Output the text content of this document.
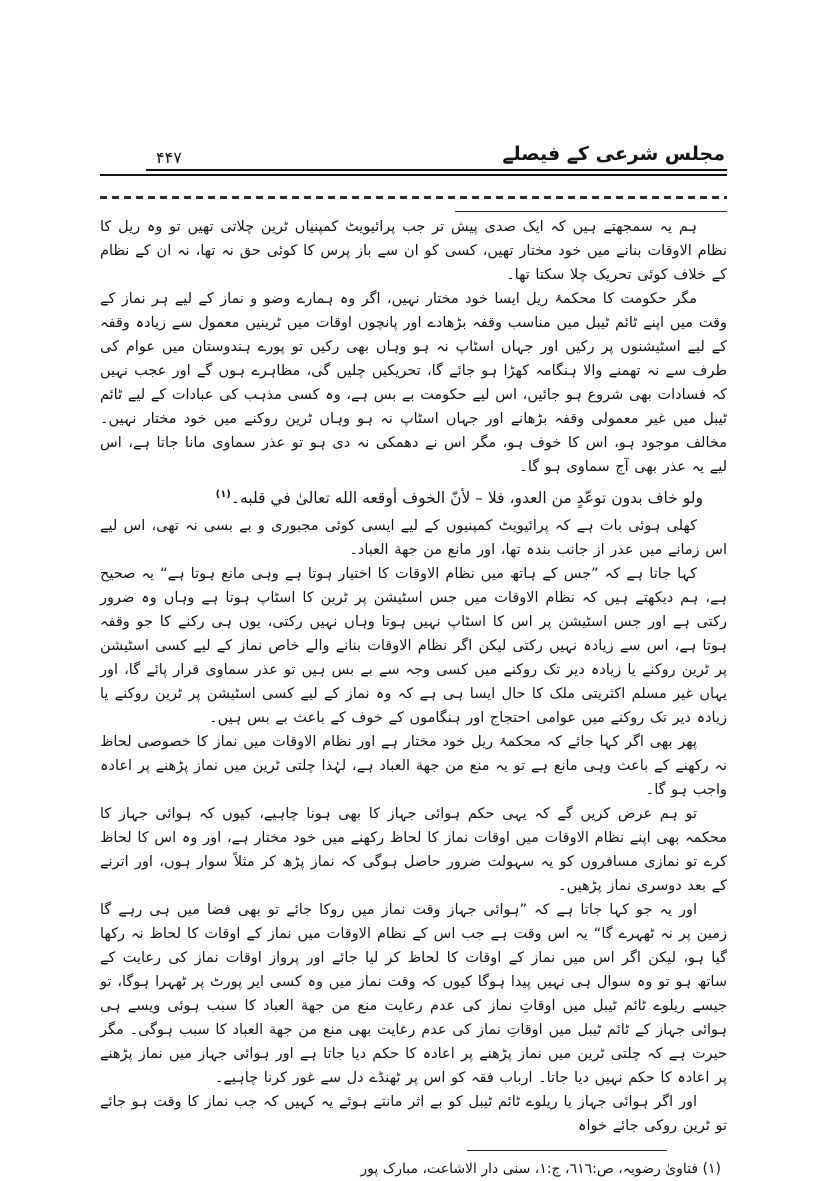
۴۴۷	مجلس شرعی کے فیصلے

ہم یہ سمجھتے ہیں کہ ایک صدی پیش تر جب پرائیویٹ کمپنیاں ٹرین چلاتی تھیں تو وہ ریل کا نظام الاوقات بنانے میں خود مختار تھیں، کسی کو ان سے باز پرس کا کوئی حق نہ تھا، نہ ان کے نظام کے خلاف کوئی تحریک چلا سکتا تھا۔

مگر حکومت کا محکمۂ ریل ایسا خود مختار نہیں، اگر وہ ہمارے وضو و نماز کے لیے ہر نماز کے وقت میں اپنے ٹائم ٹیبل میں مناسب وقفہ بڑھادے اور پانچوں اوقات میں ٹرینیں معمول سے زیادہ وقفہ کے لیے اسٹیشنوں پر رکیں اور جہاں اسٹاپ نہ ہو وہاں بھی رکیں تو پورے ہندوستان میں عوام کی طرف سے نہ تھمنے والا ہنگامہ کھڑا ہو جائے گا، تحریکیں چلیں گی، مظاہرے ہوں گے اور عجب نہیں کہ فسادات بھی شروع ہو جائیں، اس لیے حکومت بے بس ہے، وہ کسی مذہب کی عبادات کے لیے ٹائم ٹیبل میں غیر معمولی وقفہ بڑھانے اور جہاں اسٹاپ نہ ہو وہاں ٹرین روکنے میں خود مختار نہیں۔ مخالف موجود ہو، اس کا خوف ہو، مگر اس نے دھمکی نہ دی ہو تو عذر سماوی مانا جاتا ہے، اس لیے یہ عذر بھی آج سماوی ہو گا۔

ولو خاف بدون توعّدٍ من العدو، فلا – لأنّ الخوف أوقعه الله تعالیٰ في قلبه۔$^{(١)}$

کھلی ہوئی بات ہے کہ پرائیویٹ کمپنیوں کے لیے ایسی کوئی مجبوری و بے بسی نہ تھی، اس لیے اس زمانے میں عذر از جانب بندہ تھا، اور مانع من جهة العباد۔

کہا جاتا ہے کہ ”جس کے ہاتھ میں نظام الاوقات کا اختیار ہوتا ہے وہی مانع ہوتا ہے“ یہ صحیح ہے، ہم دیکھتے ہیں کہ نظام الاوقات میں جس اسٹیشن پر ٹرین کا اسٹاپ ہوتا ہے وہاں وہ ضرور رکتی ہے اور جس اسٹیشن پر اس کا اسٹاپ نہیں ہوتا وہاں نہیں رکتی، یوں ہی رکنے کا جو وقفہ ہوتا ہے، اس سے زیادہ نہیں رکتی لیکن اگر نظام الاوقات بنانے والے خاص نماز کے لیے کسی اسٹیشن پر ٹرین روکنے یا زیادہ دیر تک روکنے میں کسی وجہ سے بے بس ہیں تو عذر سماوی قرار پائے گا، اور یہاں غیر مسلم اکثریتی ملک کا حال ایسا ہی ہے کہ وہ نماز کے لیے کسی اسٹیشن پر ٹرین روکنے یا زیادہ دیر تک روکنے میں عوامی احتجاج اور ہنگاموں کے خوف کے باعث بے بس ہیں۔

پھر بھی اگر کہا جائے کہ محکمۂ ریل خود مختار ہے اور نظام الاوقات میں نماز کا خصوصی لحاظ نہ رکھنے کے باعث وہی مانع ہے تو یہ منع من جهة العباد ہے، لہٰذا چلتی ٹرین میں نماز پڑھنے پر اعادہ واجب ہو گا۔

تو ہم عرض کریں گے کہ یہی حکم ہوائی جہاز کا بھی ہونا چاہیے، کیوں کہ ہوائی جہاز کا محکمہ بھی اپنے نظام الاوقات میں اوقات نماز کا لحاظ رکھنے میں خود مختار ہے، اور وہ اس کا لحاظ کرے تو نمازی مسافروں کو یہ سہولت ضرور حاصل ہوگی کہ نماز پڑھ کر مثلاً سوار ہوں، اور اترنے کے بعد دوسری نماز پڑھیں۔

اور یہ جو کہا جاتا ہے کہ ”ہوائی جہاز وقت نماز میں روکا جائے تو بھی فضا میں ہی رہے گا زمین پر نہ ٹھہرے گا“ یہ اس وقت ہے جب اس کے نظام الاوقات میں نماز کے اوقات کا لحاظ نہ رکھا گیا ہو، لیکن اگر اس میں نماز کے اوقات کا لحاظ کر لیا جائے اور پرواز اوقات نماز کی رعایت کے ساتھ ہو تو وہ سوال ہی نہیں پیدا ہوگا کیوں کہ وقت نماز میں وہ کسی ایر پورٹ پر ٹھہرا ہوگا، تو جیسے ریلوے ٹائم ٹیبل میں اوقاتِ نماز کی عدم رعایت منع من جهة العباد کا سبب ہوئی ویسے ہی ہوائی جہاز کے ٹائم ٹیبل میں اوقاتِ نماز کی عدم رعایت بھی منع من جهة العباد کا سبب ہوگی۔ مگر حیرت ہے کہ چلتی ٹرین میں نماز پڑھنے پر اعادہ کا حکم دیا جاتا ہے اور ہوائی جہاز میں نماز پڑھنے پر اعادہ کا حکم نہیں دیا جاتا۔ ارباب فقہ کو اس پر ٹھنڈے دل سے غور کرنا چاہیے۔

اور اگر ہوائی جہاز یا ریلوے ٹائم ٹیبل کو بے اثر مانتے ہوئے یہ کہیں کہ جب نماز کا وقت ہو جائے تو ٹرین روکی جائے خواہ

(١) فتاویٰ رضویہ، ص:٦١٦، ج:١، سنی دار الاشاعت، مبارک پور
